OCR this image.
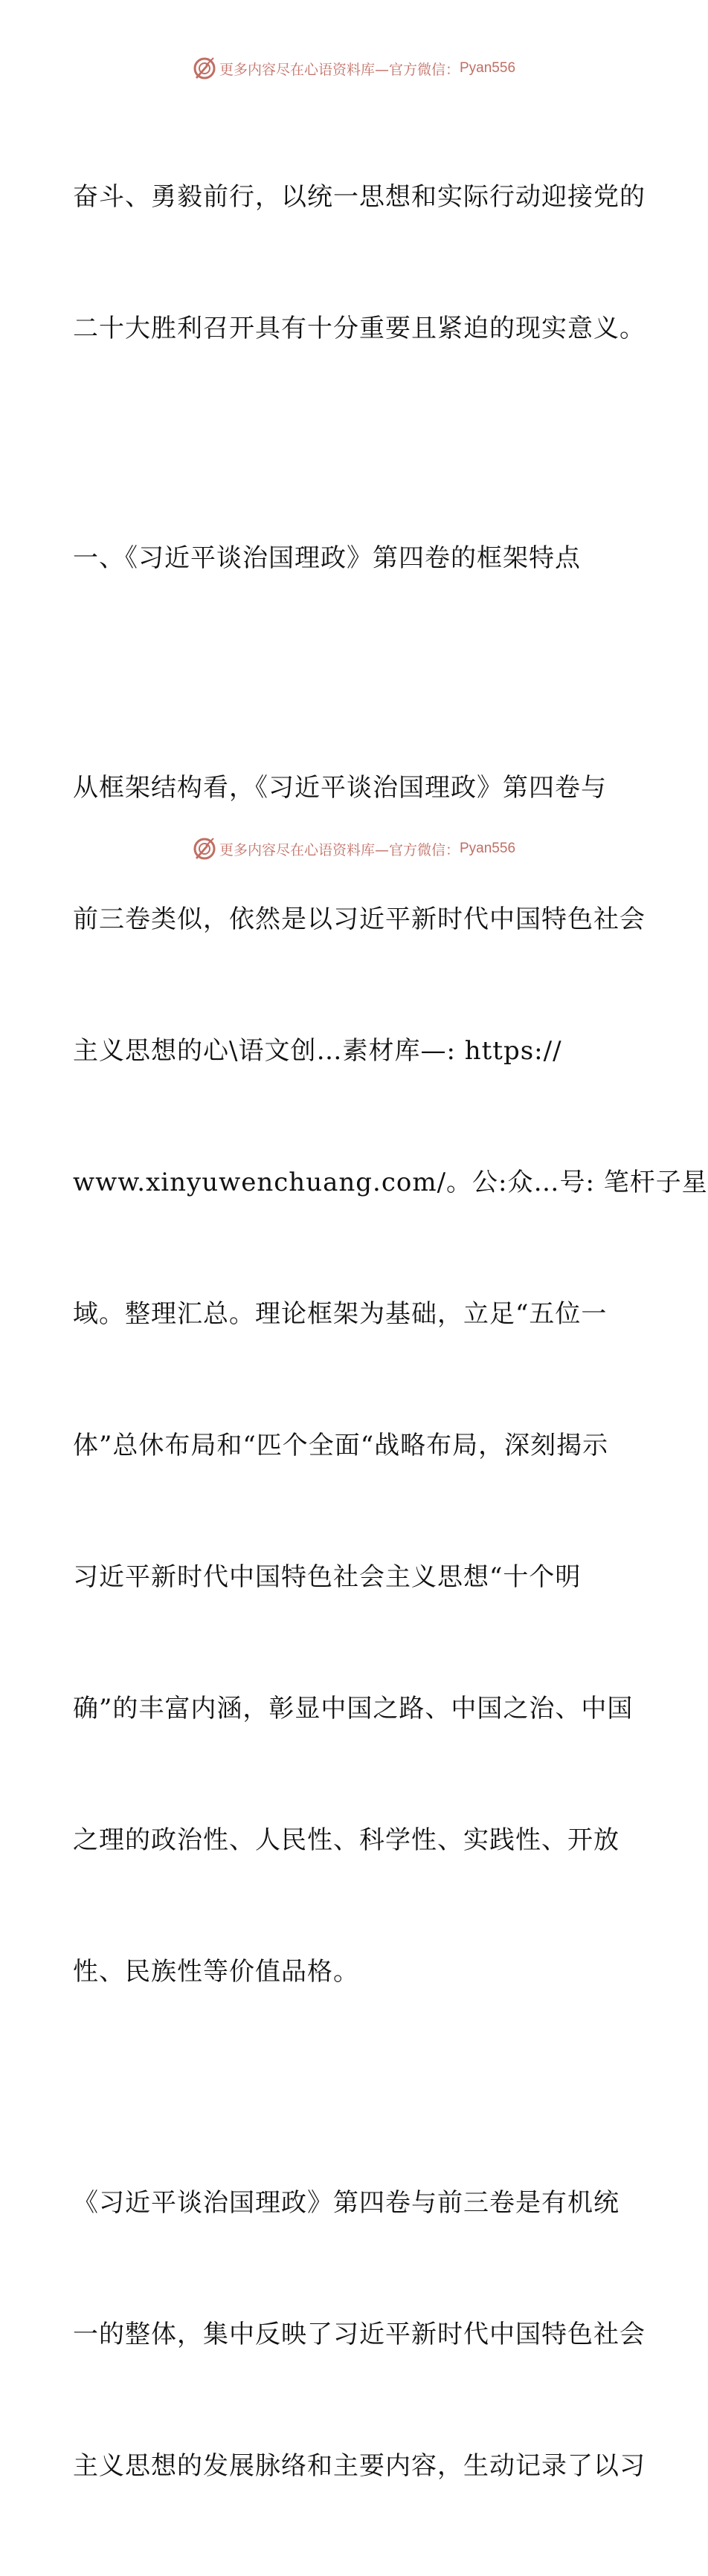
更多内容尽在心语资料库—官方微信： Pyan556

奋斗、勇毅前行，以统一思想和实际行动迎接党的

二十大胜利召开具有十分重要且紧迫的现实意义。

一、《习近平谈治国理政》第四卷的框架特点

从框架结构看，《习近平谈治国理政》第四卷与

前三卷类似，依然是以习近平新时代中国特色社会

主义思想的心\语文创…素材库—: https://

www.xinyuwenchuang.com/。公:众…号: 笔杆子星

域。整理汇总。理论框架为基础，立足“五位一

体”总休布局和“匹个全面“战略布局，深刻揭示

习近平新时代中国特色社会主义思想“十个明

确”的丰富内涵，彰显中国之路、中国之治、中国

之理的政治性、人民性、科学性、实践性、开放

性、民族性等价值品格。

《习近平谈治国理政》第四卷与前三卷是有机统

一的整体，集中反映了习近平新时代中国特色社会

主义思想的发展脉络和主要内容，生动记录了以习

更多内容尽在心语资料库—官方微信： Pyan556
